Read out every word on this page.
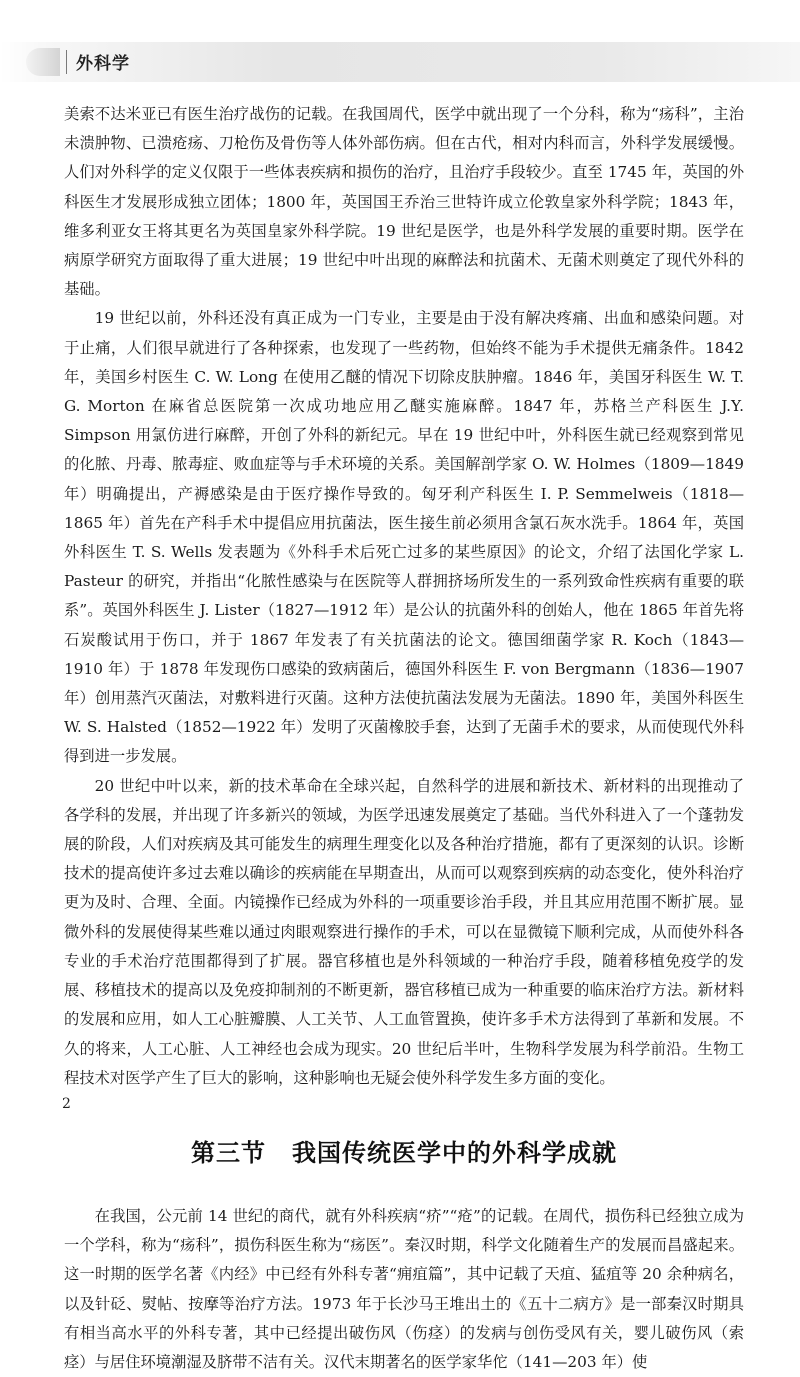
外科学

美索不达米亚已有医生治疗战伤的记载。在我国周代，医学中就出现了一个分科，称为“疡科”，主治未溃肿物、已溃疮疡、刀枪伤及骨伤等人体外部伤病。但在古代，相对内科而言，外科学发展缓慢。人们对外科学的定义仅限于一些体表疾病和损伤的治疗，且治疗手段较少。直至 1745 年，英国的外科医生才发展形成独立团体；1800 年，英国国王乔治三世特许成立伦敦皇家外科学院；1843 年，维多利亚女王将其更名为英国皇家外科学院。19 世纪是医学，也是外科学发展的重要时期。医学在病原学研究方面取得了重大进展；19 世纪中叶出现的麻醉法和抗菌术、无菌术则奠定了现代外科的基础。

19 世纪以前，外科还没有真正成为一门专业，主要是由于没有解决疼痛、出血和感染问题。对于止痛，人们很早就进行了各种探索，也发现了一些药物，但始终不能为手术提供无痛条件。1842 年，美国乡村医生 C. W. Long 在使用乙醚的情况下切除皮肤肿瘤。1846 年，美国牙科医生 W. T. G. Morton 在麻省总医院第一次成功地应用乙醚实施麻醉。1847 年，苏格兰产科医生 J.Y. Simpson 用氯仿进行麻醉，开创了外科的新纪元。早在 19 世纪中叶，外科医生就已经观察到常见的化脓、丹毒、脓毒症、败血症等与手术环境的关系。美国解剖学家 O. W. Holmes（1809—1849 年）明确提出，产褥感染是由于医疗操作导致的。匈牙利产科医生 I. P. Semmelweis（1818—1865 年）首先在产科手术中提倡应用抗菌法，医生接生前必须用含氯石灰水洗手。1864 年，英国外科医生 T. S. Wells 发表题为《外科手术后死亡过多的某些原因》的论文，介绍了法国化学家 L. Pasteur 的研究，并指出“化脓性感染与在医院等人群拥挤场所发生的一系列致命性疾病有重要的联系”。英国外科医生 J. Lister（1827—1912 年）是公认的抗菌外科的创始人，他在 1865 年首先将石炭酸试用于伤口，并于 1867 年发表了有关抗菌法的论文。德国细菌学家 R. Koch（1843—1910 年）于 1878 年发现伤口感染的致病菌后，德国外科医生 F. von Bergmann（1836—1907 年）创用蒸汽灭菌法，对敷料进行灭菌。这种方法使抗菌法发展为无菌法。1890 年，美国外科医生 W. S. Halsted（1852—1922 年）发明了灭菌橡胶手套，达到了无菌手术的要求，从而使现代外科得到进一步发展。

20 世纪中叶以来，新的技术革命在全球兴起，自然科学的进展和新技术、新材料的出现推动了各学科的发展，并出现了许多新兴的领域，为医学迅速发展奠定了基础。当代外科进入了一个蓬勃发展的阶段，人们对疾病及其可能发生的病理生理变化以及各种治疗措施，都有了更深刻的认识。诊断技术的提高使许多过去难以确诊的疾病能在早期查出，从而可以观察到疾病的动态变化，使外科治疗更为及时、合理、全面。内镜操作已经成为外科的一项重要诊治手段，并且其应用范围不断扩展。显微外科的发展使得某些难以通过肉眼观察进行操作的手术，可以在显微镜下顺利完成，从而使外科各专业的手术治疗范围都得到了扩展。器官移植也是外科领域的一种治疗手段，随着移植免疫学的发展、移植技术的提高以及免疫抑制剂的不断更新，器官移植已成为一种重要的临床治疗方法。新材料的发展和应用，如人工心脏瓣膜、人工关节、人工血管置换，使许多手术方法得到了革新和发展。不久的将来，人工心脏、人工神经也会成为现实。20 世纪后半叶，生物科学发展为科学前沿。生物工程技术对医学产生了巨大的影响，这种影响也无疑会使外科学发生多方面的变化。

第三节 我国传统医学中的外科学成就

在我国，公元前 14 世纪的商代，就有外科疾病“疥”“疮”的记载。在周代，损伤科已经独立成为一个学科，称为“疡科”，损伤科医生称为“疡医”。秦汉时期，科学文化随着生产的发展而昌盛起来。这一时期的医学名著《内经》中已经有外科专著“痈疽篇”，其中记载了天疽、猛疽等 20 余种病名，以及针砭、熨帖、按摩等治疗方法。1973 年于长沙马王堆出土的《五十二病方》是一部秦汉时期具有相当高水平的外科专著，其中已经提出破伤风（伤痉）的发病与创伤受风有关，婴儿破伤风（索痉）与居住环境潮湿及脐带不洁有关。汉代末期著名的医学家华佗（141—203 年）使

2
